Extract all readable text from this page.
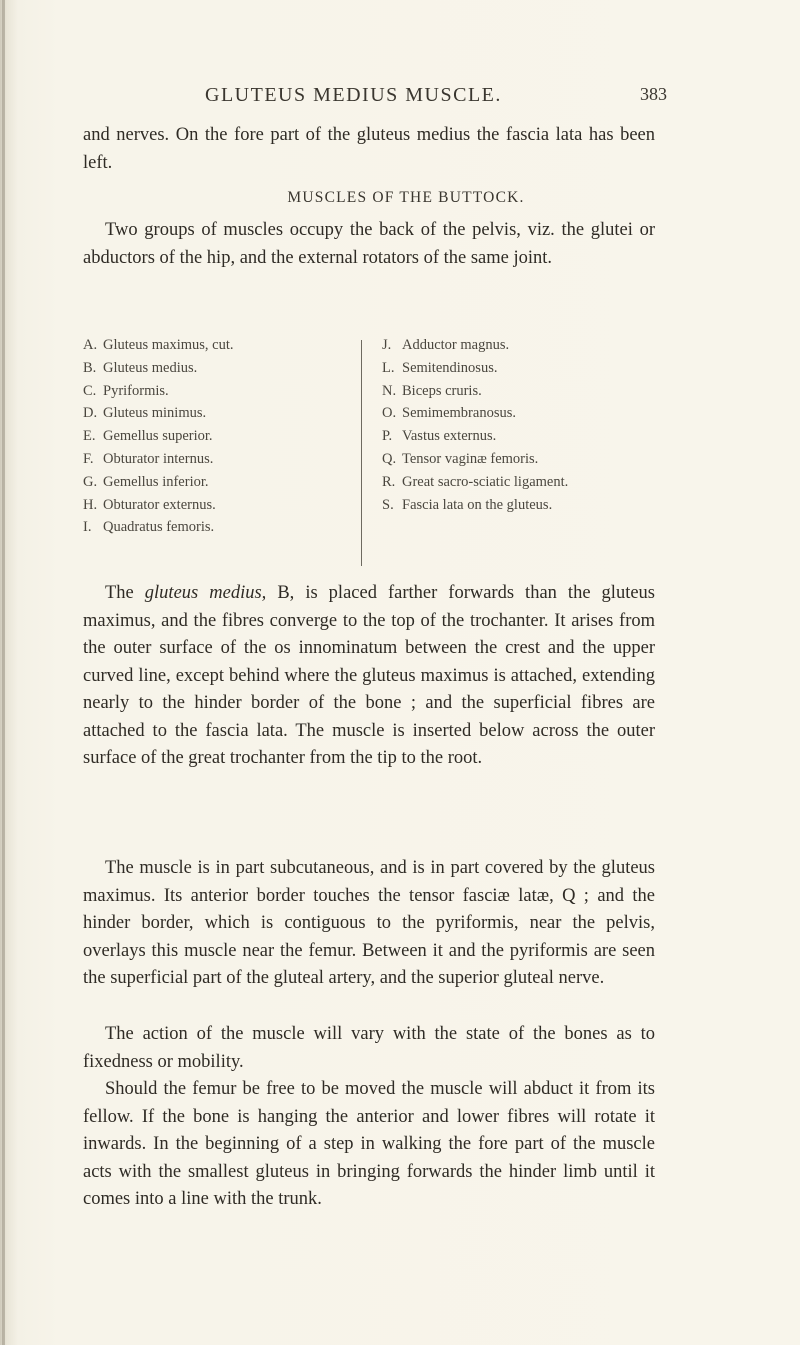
GLUTEUS MEDIUS MUSCLE.	383

and nerves. On the fore part of the gluteus medius the fascia lata has been left.

MUSCLES OF THE BUTTOCK.

Two groups of muscles occupy the back of the pelvis, viz. the glutei or abductors of the hip, and the external rotators of the same joint.

A. Gluteus maximus, cut.
B. Gluteus medius.
C. Pyriformis.
D. Gluteus minimus.
E. Gemellus superior.
F. Obturator internus.
G. Gemellus inferior.
H. Obturator externus.
I. Quadratus femoris.
J. Adductor magnus.
L. Semitendinosus.
N. Biceps cruris.
O. Semimembranosus.
P. Vastus externus.
Q. Tensor vaginæ femoris.
R. Great sacro-sciatic ligament.
S. Fascia lata on the gluteus.

The gluteus medius, B, is placed farther forwards than the gluteus maximus, and the fibres converge to the top of the trochanter. It arises from the outer surface of the os innominatum between the crest and the upper curved line, except behind where the gluteus maximus is attached, extending nearly to the hinder border of the bone ; and the superficial fibres are attached to the fascia lata. The muscle is inserted below across the outer surface of the great trochanter from the tip to the root.

The muscle is in part subcutaneous, and is in part covered by the gluteus maximus. Its anterior border touches the tensor fasciæ latæ, Q ; and the hinder border, which is contiguous to the pyriformis, near the pelvis, overlays this muscle near the femur. Between it and the pyriformis are seen the superficial part of the gluteal artery, and the superior gluteal nerve.

The action of the muscle will vary with the state of the bones as to fixedness or mobility.

Should the femur be free to be moved the muscle will abduct it from its fellow. If the bone is hanging the anterior and lower fibres will rotate it inwards. In the beginning of a step in walking the fore part of the muscle acts with the smallest gluteus in bringing forwards the hinder limb until it comes into a line with the trunk.
